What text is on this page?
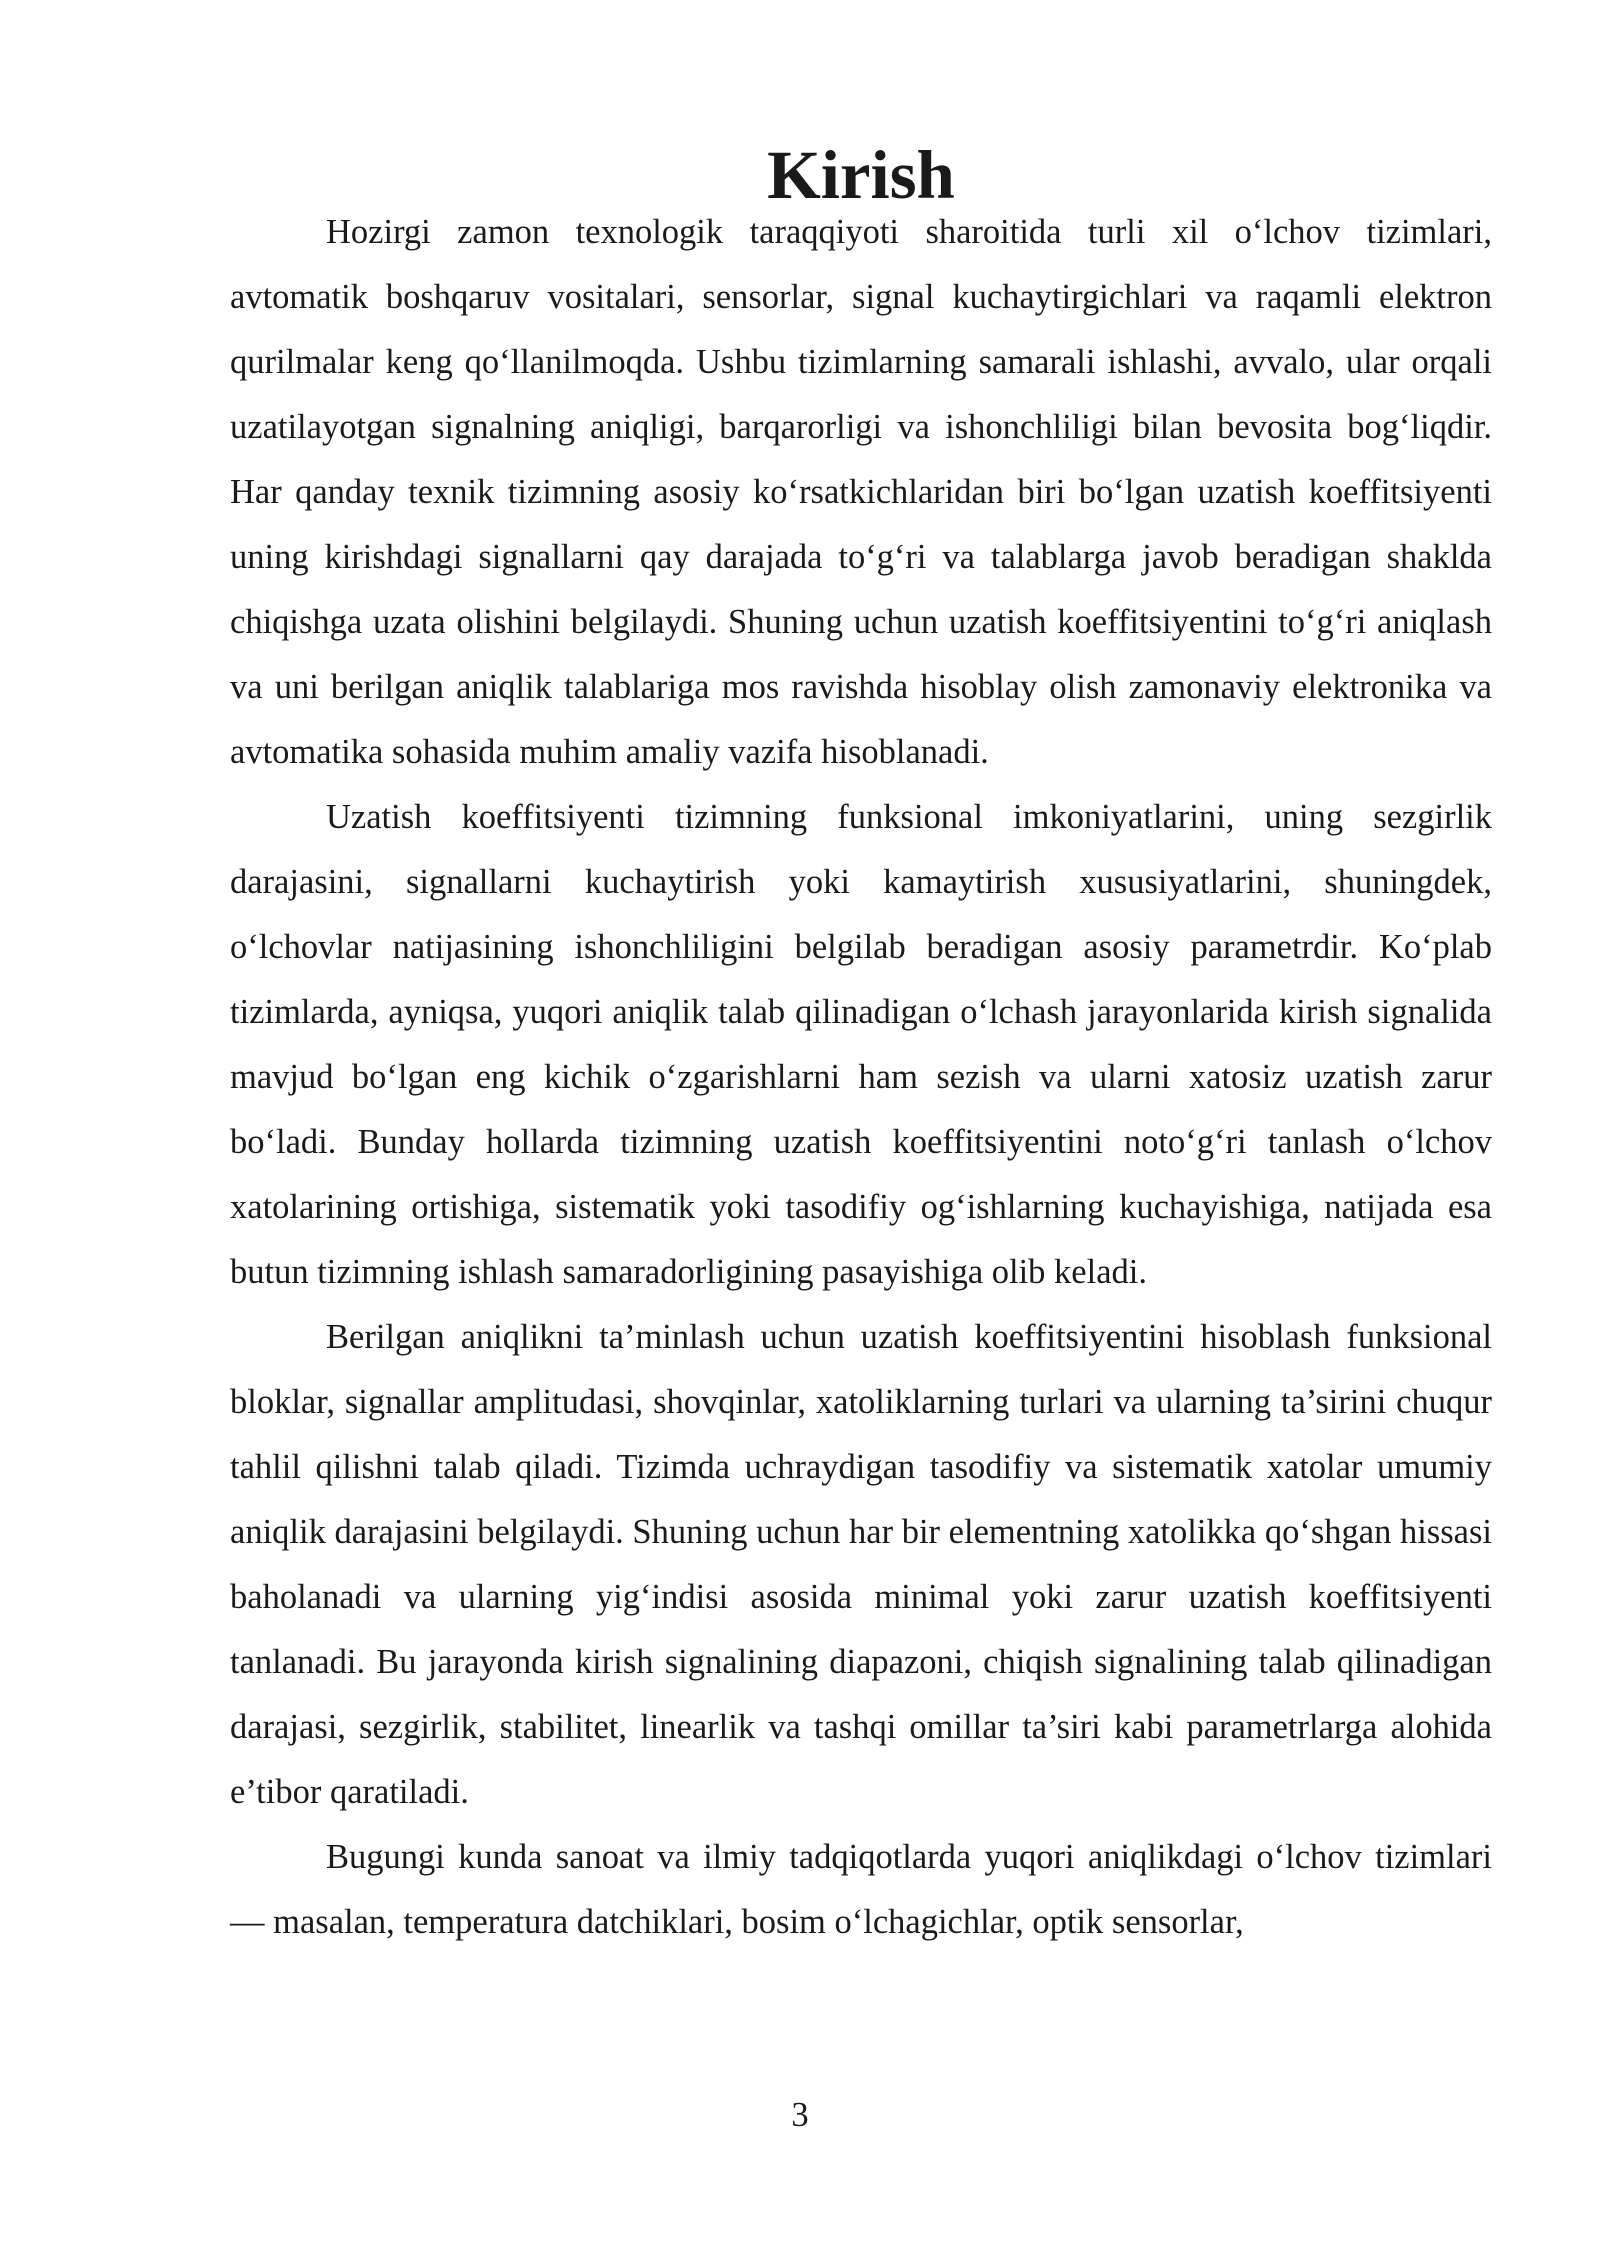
Kirish

Hozirgi zamon texnologik taraqqiyoti sharoitida turli xil o‘lchov tizimlari, avtomatik boshqaruv vositalari, sensorlar, signal kuchaytirgichlari va raqamli elektron qurilmalar keng qo‘llanilmoqda. Ushbu tizimlarning samarali ishlashi, avvalo, ular orqali uzatilayotgan signalning aniqligi, barqarorligi va ishonchliligi bilan bevosita bog‘liqdir. Har qanday texnik tizimning asosiy ko‘rsatkichlaridan biri bo‘lgan uzatish koeffitsiyenti uning kirishdagi signallarni qay darajada to‘g‘ri va talablarga javob beradigan shaklda chiqishga uzata olishini belgilaydi. Shuning uchun uzatish koeffitsiyentini to‘g‘ri aniqlash va uni berilgan aniqlik talablariga mos ravishda hisoblay olish zamonaviy elektronika va avtomatika sohasida muhim amaliy vazifa hisoblanadi.

Uzatish koeffitsiyenti tizimning funksional imkoniyatlarini, uning sezgirlik darajasini, signallarni kuchaytirish yoki kamaytirish xususiyatlarini, shuningdek, o‘lchovlar natijasining ishonchliligini belgilab beradigan asosiy parametrdir. Ko‘plab tizimlarda, ayniqsa, yuqori aniqlik talab qilinadigan o‘lchash jarayonlarida kirish signalida mavjud bo‘lgan eng kichik o‘zgarishlarni ham sezish va ularni xatosiz uzatish zarur bo‘ladi. Bunday hollarda tizimning uzatish koeffitsiyentini noto‘g‘ri tanlash o‘lchov xatolarining ortishiga, sistematik yoki tasodifiy og‘ishlarning kuchayishiga, natijada esa butun tizimning ishlash samaradorligining pasayishiga olib keladi.

Berilgan aniqlikni ta’minlash uchun uzatish koeffitsiyentini hisoblash funksional bloklar, signallar amplitudasi, shovqinlar, xatoliklarning turlari va ularning ta’sirini chuqur tahlil qilishni talab qiladi. Tizimda uchraydigan tasodifiy va sistematik xatolar umumiy aniqlik darajasini belgilaydi. Shuning uchun har bir elementning xatolikka qo‘shgan hissasi baholanadi va ularning yig‘indisi asosida minimal yoki zarur uzatish koeffitsiyenti tanlanadi. Bu jarayonda kirish signalining diapazoni, chiqish signalining talab qilinadigan darajasi, sezgirlik, stabilitet, linearlik va tashqi omillar ta’siri kabi parametrlarga alohida e’tibor qaratiladi.

Bugungi kunda sanoat va ilmiy tadqiqotlarda yuqori aniqlikdagi o‘lchov tizimlari — masalan, temperatura datchiklari, bosim o‘lchagichlar, optik sensorlar,

3
